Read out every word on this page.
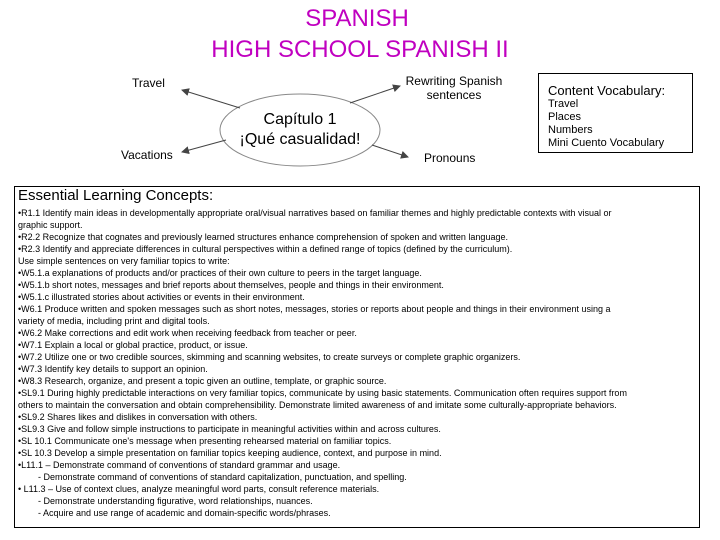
SPANISH
HIGH SCHOOL SPANISH II
Travel
Vacations
Rewriting Spanish
sentences
Pronouns
Capítulo 1
¡Qué casualidad!
Content Vocabulary:
Travel
Places
Numbers
Mini Cuento Vocabulary
Essential Learning Concepts:
•R1.1 Identify main ideas in developmentally appropriate oral/visual narratives based on familiar themes and highly predictable contexts with visual or
graphic support.
•R2.2 Recognize that cognates and previously learned structures enhance comprehension of spoken and written language.
•R2.3 Identify and appreciate differences in cultural perspectives within a defined range of topics (defined by the curriculum).
Use simple sentences on very familiar topics to write:
•W5.1.a explanations of products and/or practices of their own culture to peers in the target language.
•W5.1.b short notes, messages and brief reports about themselves, people and things in their environment.
•W5.1.c illustrated stories about activities or events in their environment.
•W6.1 Produce written and spoken messages such as short notes, messages, stories or reports about people and things in their environment using a
variety of media, including print and digital tools.
•W6.2 Make corrections and edit work when receiving feedback from teacher or peer.
•W7.1 Explain a local or global practice, product, or issue.
•W7.2 Utilize one or two credible sources, skimming and scanning websites, to create surveys or complete graphic organizers.
•W7.3 Identify key details to support an opinion.
•W8.3 Research, organize, and present a topic given an outline, template, or graphic source.
•SL9.1 During highly predictable interactions on very familiar topics, communicate by using basic statements. Communication often requires support from
others to maintain the conversation and obtain comprehensibility. Demonstrate limited awareness of and imitate some culturally-appropriate behaviors.
•SL9.2 Shares likes and dislikes in conversation with others.
•SL9.3 Give and follow simple instructions to participate in meaningful activities within and across cultures.
•SL 10.1 Communicate one's message when presenting rehearsed material on familiar topics.
•SL 10.3 Develop a simple presentation on familiar topics keeping audience, context, and purpose in mind.
•L11.1 – Demonstrate command of conventions of standard grammar and usage.
- Demonstrate command of conventions of standard capitalization, punctuation, and spelling.
• L11.3 – Use of context clues, analyze meaningful word parts, consult reference materials.
- Demonstrate understanding figurative, word relationships, nuances.
- Acquire and use range of academic and domain-specific words/phrases.
